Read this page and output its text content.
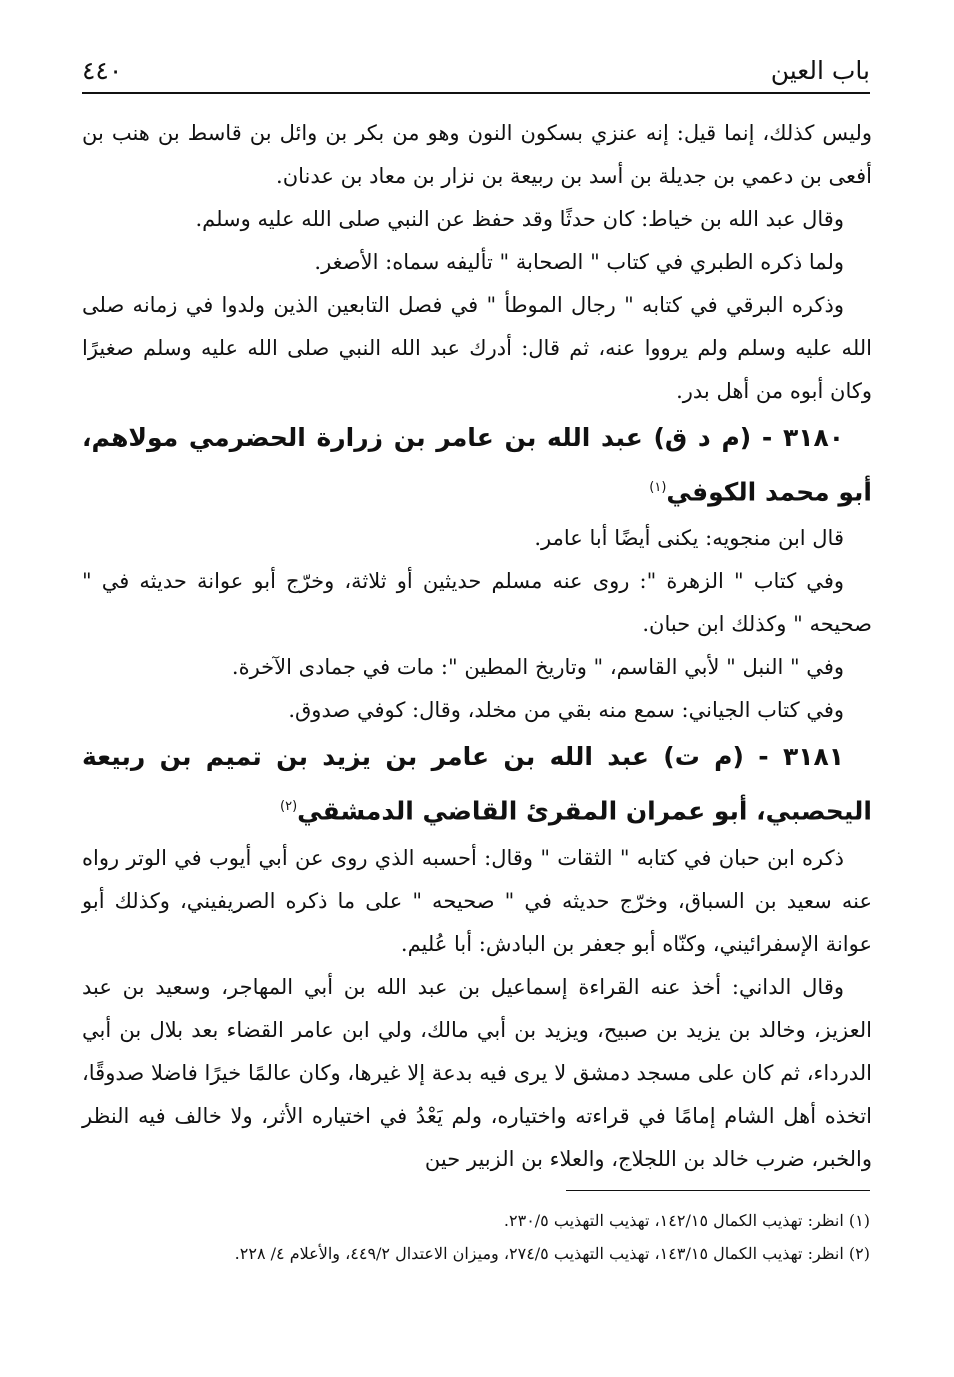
٤٤٠	باب العين

وليس كذلك، إنما قيل: إنه عنزي بسكون النون وهو من بكر بن وائل بن قاسط بن هنب بن أفعى بن دعمي بن جديلة بن أسد بن ربيعة بن نزار بن معاد بن عدنان.

وقال عبد الله بن خياط: كان حدثًا وقد حفظ عن النبي صلى الله عليه وسلم.

ولما ذكره الطبري في كتاب " الصحابة " تأليفه سماه: الأصغر.

وذكره البرقي في كتابه " رجال الموطأ " في فصل التابعين الذين ولدوا في زمانه صلى الله عليه وسلم ولم يرووا عنه، ثم قال: أدرك عبد الله النبي صلى الله عليه وسلم صغيرًا وكان أبوه من أهل بدر.

٣١٨٠ - (م د ق) عبد الله بن عامر بن زرارة الحضرمي مولاهم، أبو محمد الكوفي$^{(١)}$

قال ابن منجويه: يكنى أيضًا أبا عامر.

وفي كتاب " الزهرة ": روى عنه مسلم حديثين أو ثلاثة، وخرّج أبو عوانة حديثه في " صحيحه " وكذلك ابن حبان.

وفي " النبل " لأبي القاسم، " وتاريخ المطين ": مات في جمادى الآخرة.

وفي كتاب الجياني: سمع منه بقي من مخلد، وقال: كوفي صدوق.

٣١٨١ - (م ت) عبد الله بن عامر بن يزيد بن تميم بن ربيعة اليحصبي، أبو عمران المقرئ القاضي الدمشقي$^{(٢)}$

ذكره ابن حبان في كتابه " الثقات " وقال: أحسبه الذي روى عن أبي أيوب في الوتر رواه عنه سعيد بن السباق، وخرّج حديثه في " صحيحه " على ما ذكره الصريفيني، وكذلك أبو عوانة الإسفرائيني، وكنّاه أبو جعفر بن البادش: أبا عُليم.

وقال الداني: أخذ عنه القراءة إسماعيل بن عبد الله بن أبي المهاجر، وسعيد بن عبد العزيز، وخالد بن يزيد بن صبيح، ويزيد بن أبي مالك، ولي ابن عامر القضاء بعد بلال بن أبي الدرداء، ثم كان على مسجد دمشق لا يرى فيه بدعة إلا غيرها، وكان عالمًا خيرًا فاضلا صدوقًا، اتخذه أهل الشام إمامًا في قراءته واختياره، ولم يَعْدُ في اختياره الأثر، ولا خالف فيه النظر والخبر، ضرب خالد بن اللجلاج، والعلاء بن الزبير حين

(١) انظر: تهذيب الكمال ١٤٢/١٥، تهذيب التهذيب ٢٣٠/٥.

(٢) انظر: تهذيب الكمال ١٤٣/١٥، تهذيب التهذيب ٢٧٤/٥، وميزان الاعتدال ٤٤٩/٢، والأعلام ٤/ ٢٢٨.
